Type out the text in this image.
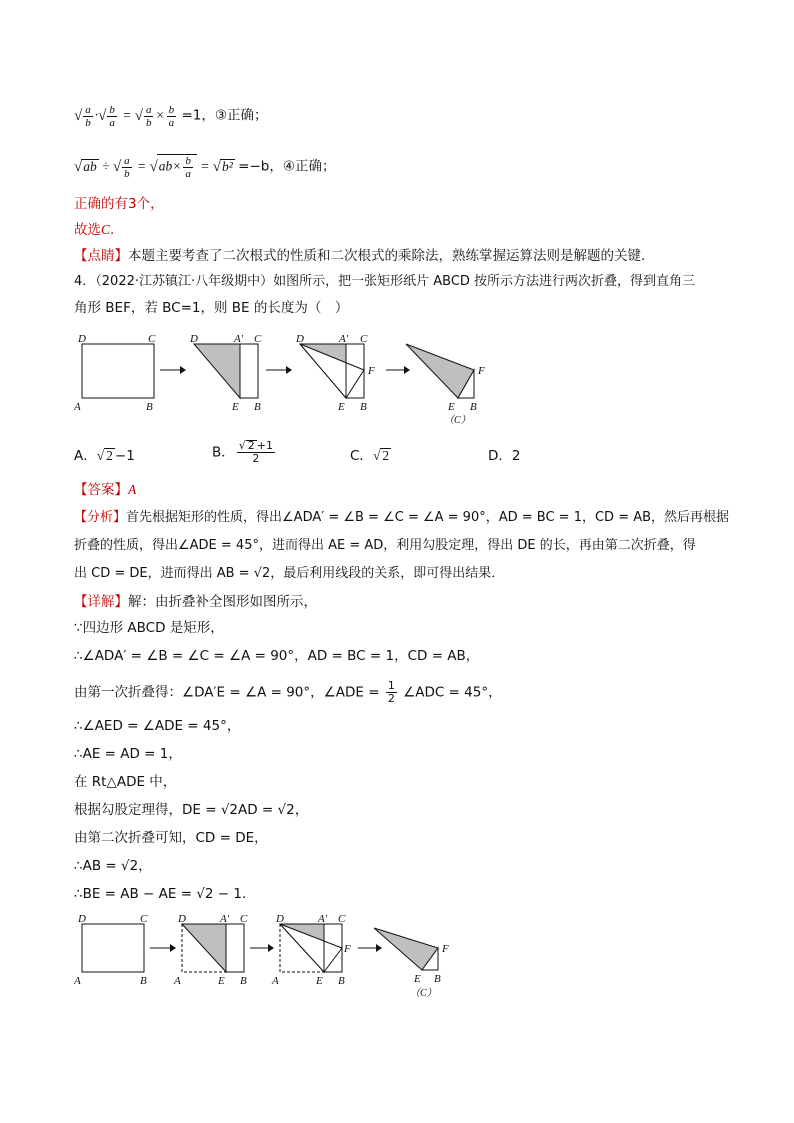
√ $\frac{a}{b}$ ·√ $\frac{b}{a}$ = √ $\frac{a}{b} \times \frac{b}{a} =1$，③正确；
√ab ÷ √ $\frac{a}{b} = √ab\times \frac{b}{a} = √b^2 =-b$，④正确；
正确的有3个，
故选C.
【点睛】本题主要考查了二次根式的性质和二次根式的乘除法，熟练掌握运算法则是解题的关键．
4．（2022·江苏镇江·八年级期中）如图所示，把一张矩形纸片 ABCD 按所示方法进行两次折叠，得到直角三
角形 BEF，若 BC=1，则 BE 的长度为（　）
D	C
A	B
D	A′ C
E B
D	A′ C
F
E B
F
E B
（C）
A．√ 2 −1	B． $\frac{√ 2 +1}{2}$	C．√ 2	D．2
【答案】A
【分析】首先根据矩形的性质，得出∠ADA′ = ∠B = ∠C = ∠A = 90°，AD = BC = 1，CD = AB，然后再根据
折叠的性质，得出∠ADE = 45°，进而得出 AE = AD，利用勾股定理，得出 DE 的长，再由第二次折叠，得
出 CD = DE，进而得出 AB = √2，最后利用线段的关系，即可得出结果．
【详解】解：由折叠补全图形如图所示，
∵四边形 ABCD 是矩形，
∴∠ADA′ = ∠B = ∠C = ∠A = 90°，AD = BC = 1，CD = AB，
由第一次折叠得：∠DA′E = ∠A = 90°，∠ADE = $\frac{1}{2}$ ∠ADC = 45°，
∴∠AED = ∠ADE = 45°，
∴AE = AD = 1，
在 Rt△ADE 中，
根据勾股定理得，DE = √2AD = √2，
由第二次折叠可知，CD = DE，
∴AB = √2，
∴BE = AB − AE = √2 − 1．
D	C
A	B
D	A′ C
A	E B
D	A′ C
F
A	E B
F
E B
（C）
